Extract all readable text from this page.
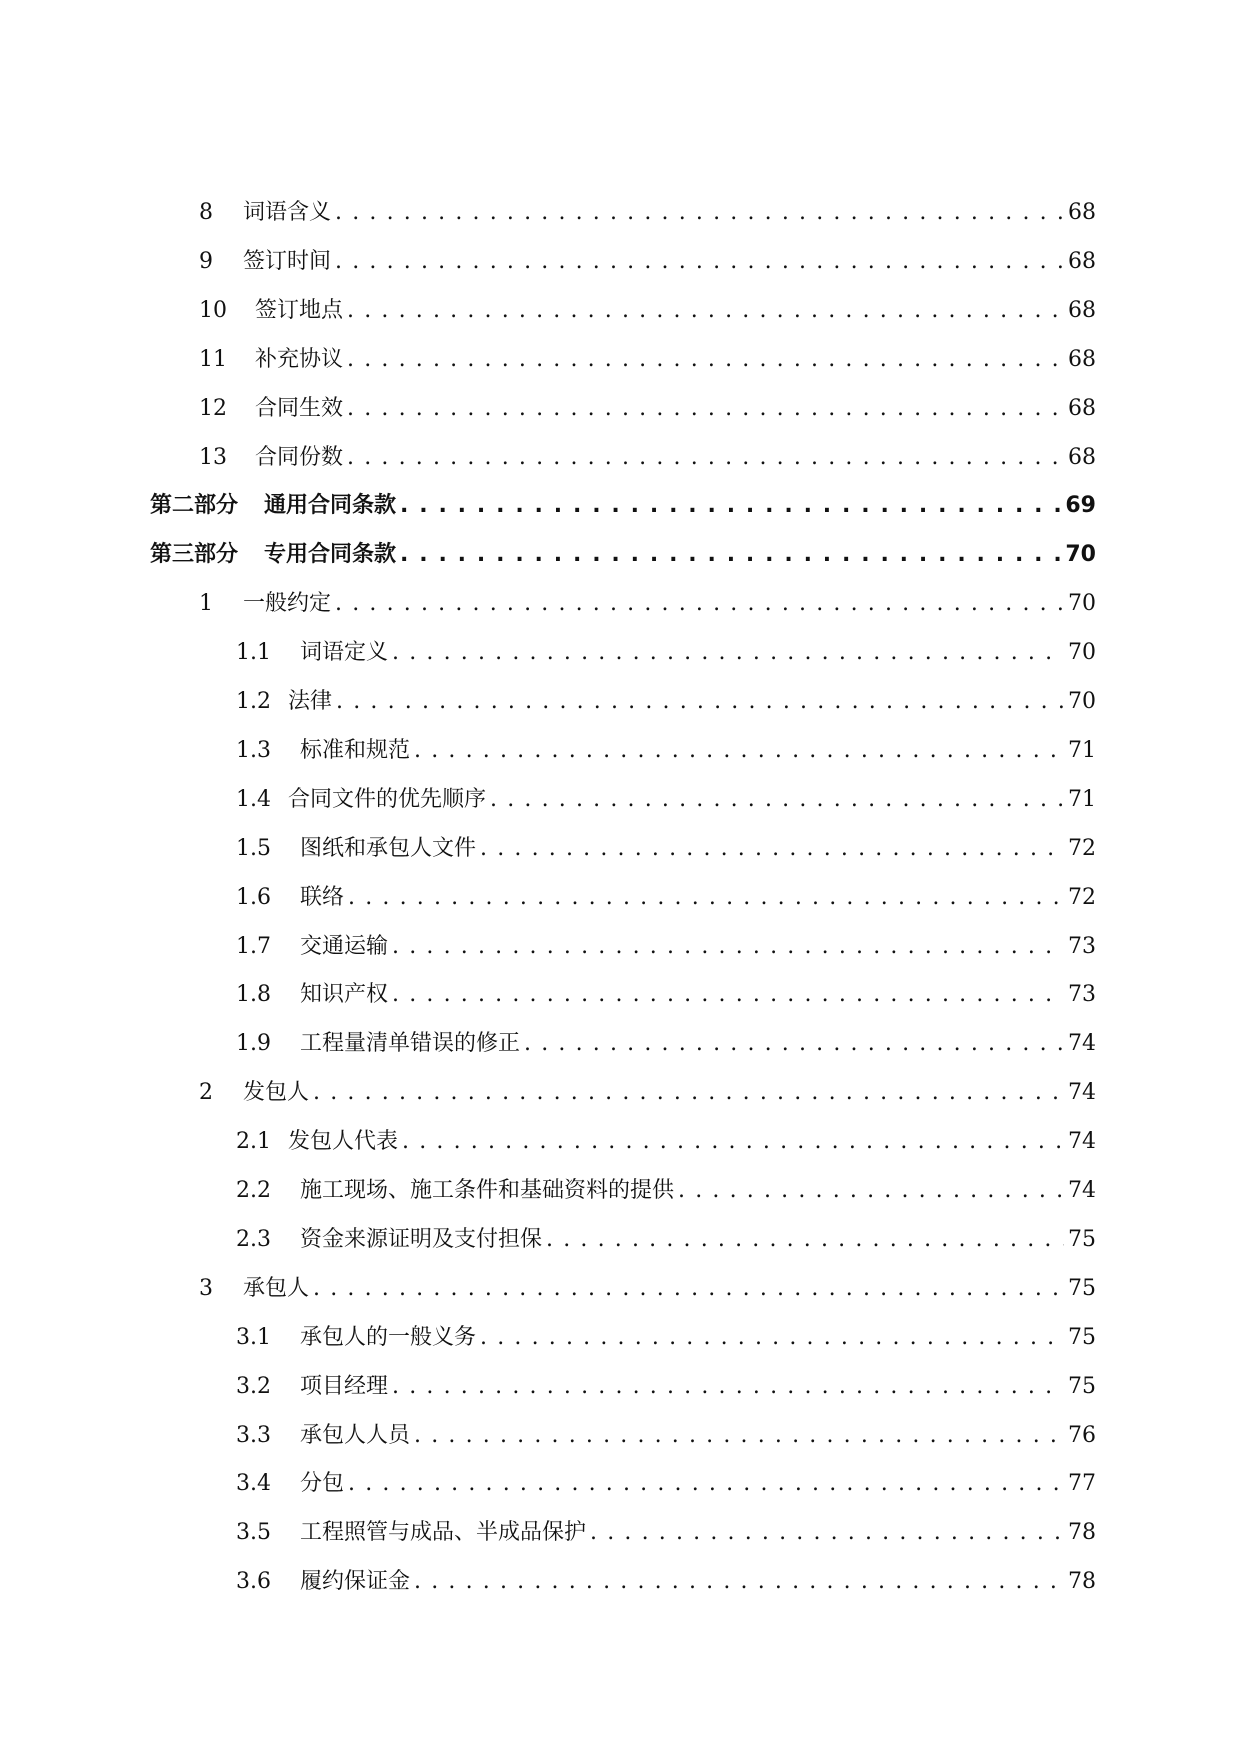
8	词语含义 . . .	68
9	签订时间 . . .	68
10	签订地点 . . .	68
11	补充协议 . . .	68
12	合同生效 . . .	68
13	合同份数 . . .	68
第二部分 通用合同条款 . . .	69
第三部分 专用合同条款 . . .	70
1	一般约定 . . .	70
1.1	词语定义 . . .	70
1.2 法律 . . .	70
1.3	标准和规范 . . .	71
1.4 合同文件的优先顺序 . . .	71
1.5	图纸和承包人文件 . . .	72
1.6	联络 . . .	72
1.7	交通运输 . . .	73
1.8	知识产权 . . .	73
1.9	工程量清单错误的修正 . . .	74
2	发包人 . . .	74
2.1 发包人代表 . . .	74
2.2	施工现场、施工条件和基础资料的提供 . . .	74
2.3	资金来源证明及支付担保 . . .	75
3	承包人 . . .	75
3.1	承包人的一般义务 . . .	75
3.2	项目经理 . . .	75
3.3	承包人人员 . . .	76
3.4	分包 . . .	77
3.5	工程照管与成品、半成品保护 . . .	78
3.6	履约保证金 . . .	78
